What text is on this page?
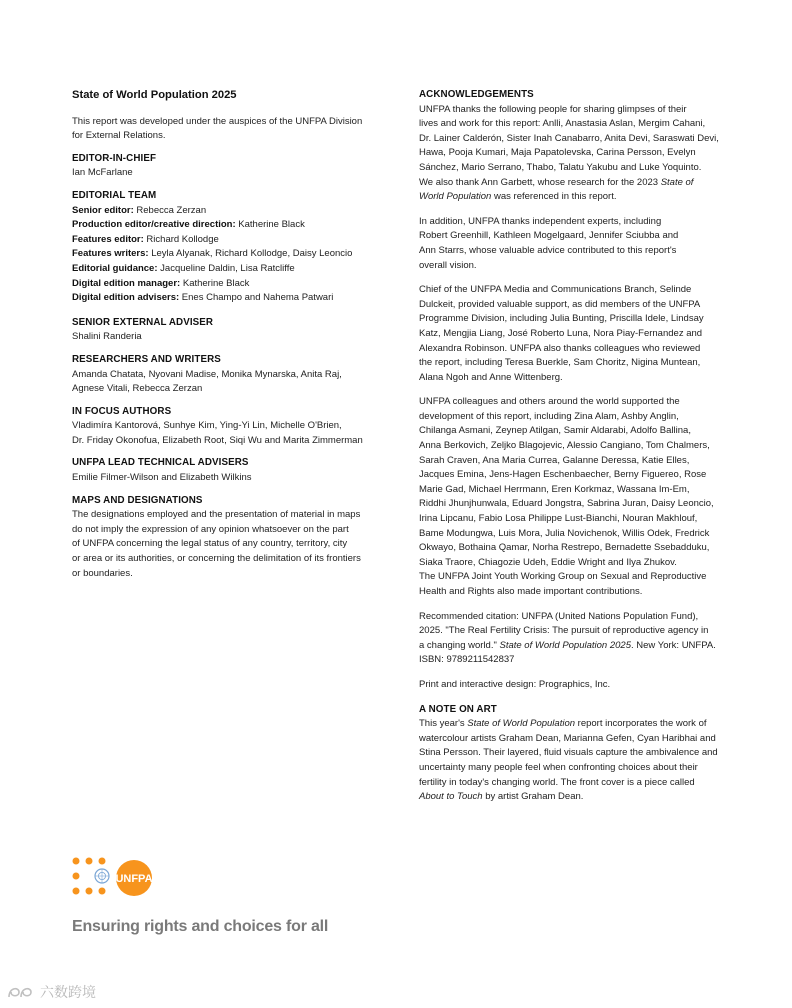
State of World Population 2025
This report was developed under the auspices of the UNFPA Division
for External Relations.
EDITOR-IN-CHIEF
Ian McFarlane
EDITORIAL TEAM
Senior editor: Rebecca Zerzan
Production editor/creative direction: Katherine Black
Features editor: Richard Kollodge
Features writers: Leyla Alyanak, Richard Kollodge, Daisy Leoncio
Editorial guidance: Jacqueline Daldin, Lisa Ratcliffe
Digital edition manager: Katherine Black
Digital edition advisers: Enes Champo and Nahema Patwari
SENIOR EXTERNAL ADVISER
Shalini Randeria
RESEARCHERS AND WRITERS
Amanda Chatata, Nyovani Madise, Monika Mynarska, Anita Raj,
Agnese Vitali, Rebecca Zerzan
IN FOCUS AUTHORS
Vladimíra Kantorová, Sunhye Kim, Ying-Yi Lin, Michelle O'Brien,
Dr. Friday Okonofua, Elizabeth Root, Siqi Wu and Marita Zimmerman
UNFPA LEAD TECHNICAL ADVISERS
Emilie Filmer-Wilson and Elizabeth Wilkins
MAPS AND DESIGNATIONS
The designations employed and the presentation of material in maps
do not imply the expression of any opinion whatsoever on the part
of UNFPA concerning the legal status of any country, territory, city
or area or its authorities, or concerning the delimitation of its frontiers
or boundaries.
ACKNOWLEDGEMENTS
UNFPA thanks the following people for sharing glimpses of their
lives and work for this report: Anlli, Anastasia Aslan, Mergim Cahani,
Dr. Lainer Calderón, Sister Inah Canabarro, Anita Devi, Saraswati Devi,
Hawa, Pooja Kumari, Maja Papatolevska, Carina Persson, Evelyn
Sánchez, Mario Serrano, Thabo, Talatu Yakubu and Luke Yoquinto.
We also thank Ann Garbett, whose research for the 2023 State of
World Population was referenced in this report.
In addition, UNFPA thanks independent experts, including
Robert Greenhill, Kathleen Mogelgaard, Jennifer Sciubba and
Ann Starrs, whose valuable advice contributed to this report's
overall vision.
Chief of the UNFPA Media and Communications Branch, Selinde
Dulckeit, provided valuable support, as did members of the UNFPA
Programme Division, including Julia Bunting, Priscilla Idele, Lindsay
Katz, Mengjia Liang, José Roberto Luna, Nora Piay-Fernandez and
Alexandra Robinson. UNFPA also thanks colleagues who reviewed
the report, including Teresa Buerkle, Sam Choritz, Nigina Muntean,
Alana Ngoh and Anne Wittenberg.
UNFPA colleagues and others around the world supported the
development of this report, including Zina Alam, Ashby Anglin,
Chilanga Asmani, Zeynep Atilgan, Samir Aldarabi, Adolfo Ballina,
Anna Berkovich, Zeljko Blagojevic, Alessio Cangiano, Tom Chalmers,
Sarah Craven, Ana Maria Currea, Galanne Deressa, Katie Elles,
Jacques Emina, Jens-Hagen Eschenbaecher, Berny Figuereo, Rose
Marie Gad, Michael Herrmann, Eren Korkmaz, Wassana Im-Em,
Riddhi Jhunjhunwala, Eduard Jongstra, Sabrina Juran, Daisy Leoncio,
Irina Lipcanu, Fabio Losa Philippe Lust-Bianchi, Nouran Makhlouf,
Bame Modungwa, Luis Mora, Julia Novichenok, Willis Odek, Fredrick
Okwayo, Bothaina Qamar, Norha Restrepo, Bernadette Ssebadduku,
Siaka Traore, Chiagozie Udeh, Eddie Wright and Ilya Zhukov.
The UNFPA Joint Youth Working Group on Sexual and Reproductive
Health and Rights also made important contributions.
Recommended citation: UNFPA (United Nations Population Fund),
2025. "The Real Fertility Crisis: The pursuit of reproductive agency in
a changing world." State of World Population 2025. New York: UNFPA.
ISBN: 9789211542837
Print and interactive design: Prographics, Inc.
A NOTE ON ART
This year's State of World Population report incorporates the work of
watercolour artists Graham Dean, Marianna Gefen, Cyan Haribhai and
Stina Persson. Their layered, fluid visuals capture the ambivalence and
uncertainty many people feel when confronting choices about their
fertility in today's changing world. The front cover is a piece called
About to Touch by artist Graham Dean.
UNFPA
Ensuring rights and choices for all
六数跨境
